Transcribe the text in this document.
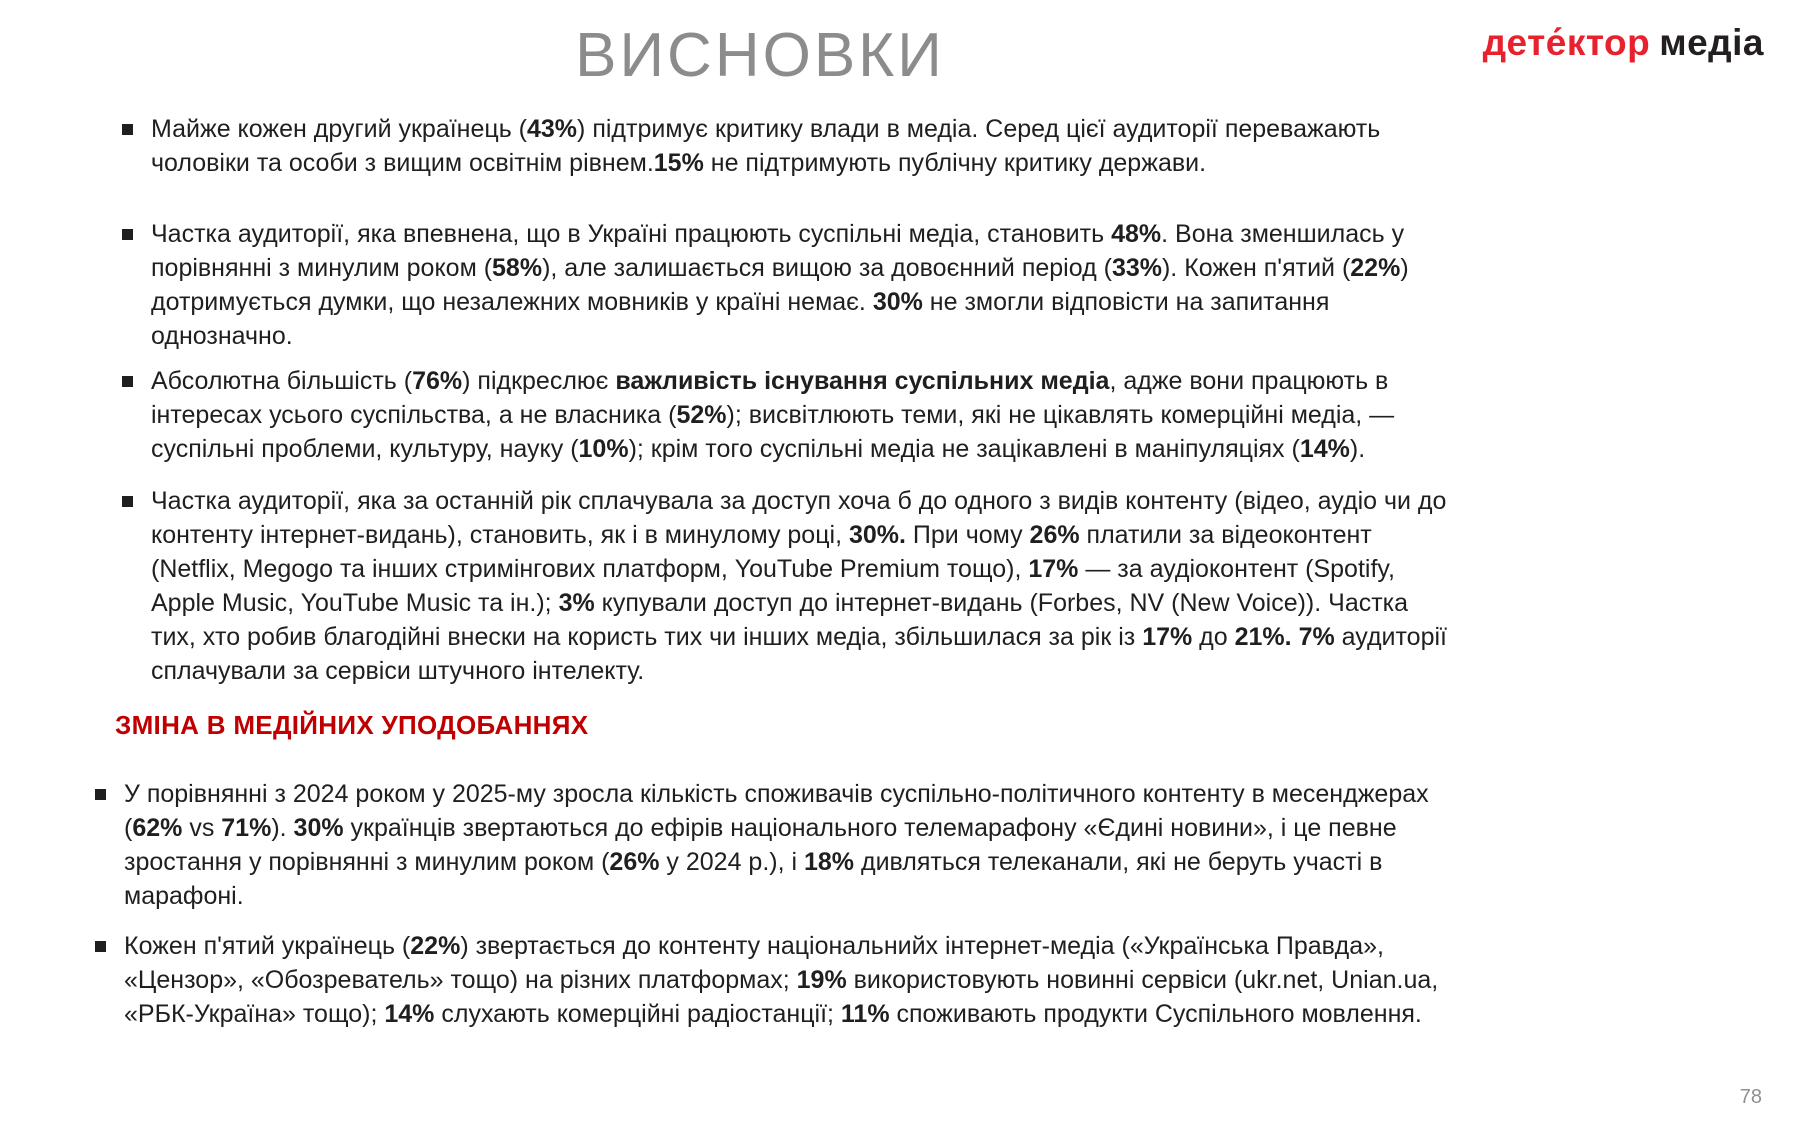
ВИСНОВКИ	дете́ктор медіа
Майже кожен другий українець (43%) підтримує критику влади в медіа. Серед цієї аудиторії переважають чоловіки та особи з вищим освітнім рівнем.15% не підтримують публічну критику держави.
Частка аудиторії, яка впевнена, що в Україні працюють суспільні медіа, становить 48%. Вона зменшилась у порівнянні з минулим роком (58%), але залишається вищою за довоєнний період (33%). Кожен п'ятий (22%) дотримується думки, що незалежних мовників у країні немає. 30% не змогли відповісти на запитання однозначно.
Абсолютна більшість (76%) підкреслює важливість існування суспільних медіа, адже вони працюють в інтересах усього суспільства, а не власника (52%); висвітлюють теми, які не цікавлять комерційні медіа, — суспільні проблеми, культуру, науку (10%); крім того суспільні медіа не зацікавлені в маніпуляціях (14%).
Частка аудиторії, яка за останній рік сплачувала за доступ хоча б до одного з видів контенту (відео, аудіо чи до контенту інтернет-видань), становить, як і в минулому році, 30%. При чому 26% платили за відеоконтент (Netflix, Megogo та інших стримінгових платформ, YouTube Premium тощо), 17% — за аудіоконтент (Spotify, Apple Music, YouTube Music та ін.); 3% купували доступ до інтернет-видань (Forbes, NV (New Voice)). Частка тих, хто робив благодійні внески на користь тих чи інших медіа, збільшилася за рік із 17% до 21%. 7% аудиторії сплачували за сервіси штучного інтелекту.
ЗМІНА В МЕДІЙНИХ УПОДОБАННЯХ
У порівнянні з 2024 роком у 2025-му зросла кількість споживачів суспільно-політичного контенту в месенджерах (62% vs 71%). 30% українців звертаються до ефірів національного телемарафону «Єдині новини», і це певне зростання у порівнянні з минулим роком (26% у 2024 р.), і 18% дивляться телеканали, які не беруть участі в марафоні.
Кожен п'ятий українець (22%) звертається до контенту національнийх інтернет-медіа («Українська Правда», «Цензор», «Обозреватель» тощо) на різних платформах; 19% використовують новинні сервіси (ukr.net, Unian.ua, «РБК-Україна» тощо); 14% слухають комерційні радіостанції; 11% споживають продукти Суспільного мовлення.
78
